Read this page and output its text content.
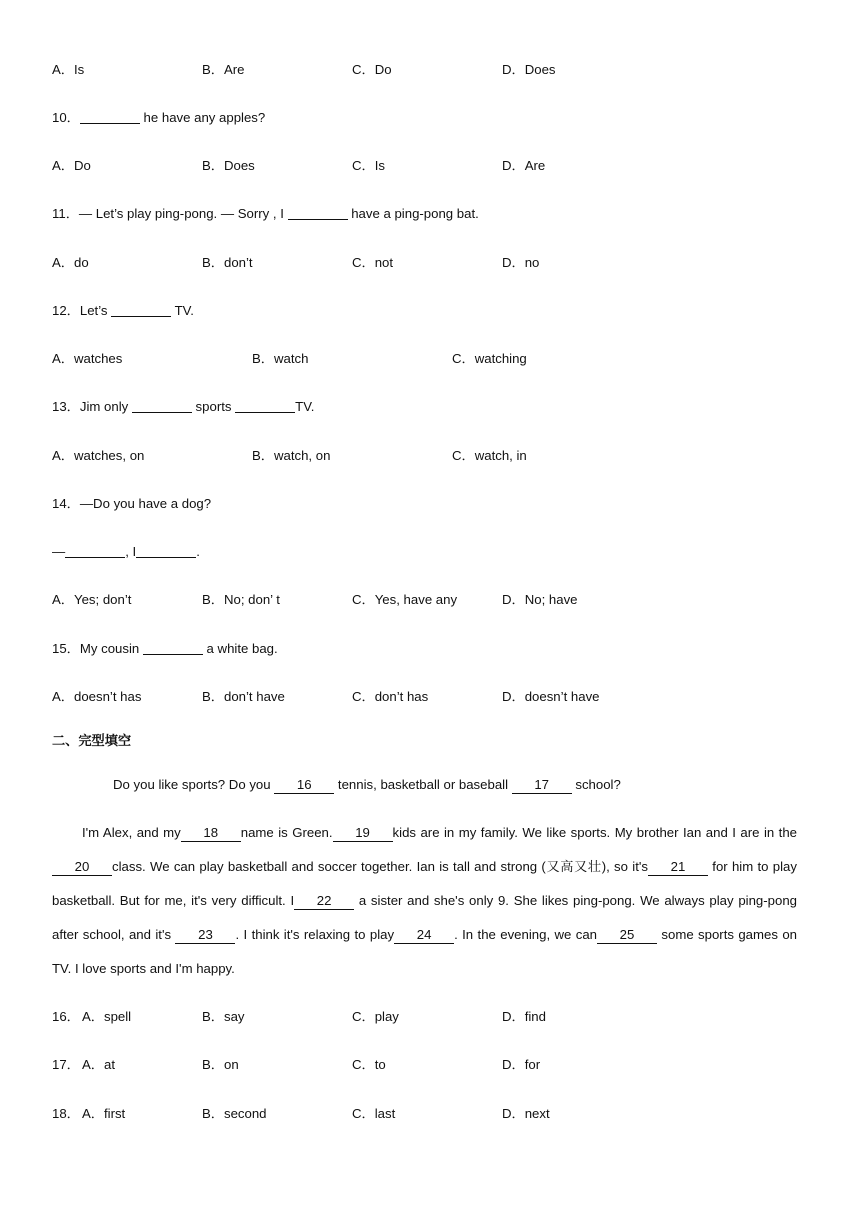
A．Is	B．Are	C．Do	D．Does
10．	he have any apples?
A．Do	B．Does	C．Is	D．Are
11．— Let’s play ping-pong. — Sorry , I	have a ping-pong bat.
A．do	B．don’t	C．not	D．no
12．Let’s	TV.
A．watches	B．watch	C．watching
13．Jim only	sports	TV.
A．watches, on	B．watch, on	C．watch, in
14．—Do you have a dog?
—	, I	.
A．Yes; don’t	B．No; don’ t	C．Yes, have any	D．No; have
15．My cousin	a white bag.
A．doesn’t has	B．don’t have	C．don’t has	D．doesn’t have
二、完型填空
Do you like sports? Do you 16 tennis, basketball or baseball 17 school?
I'm Alex, and my 18 name is Green. 19 kids are in my family. We like sports. My brother Ian and I are in the20 class. We can play basketball and soccer together. Ian is tall and strong (又高又壮), so it's 21 for him to play basketball. But for me, it's very difficult. I 22 a sister and she's only 9. She likes ping-pong. We always play ping-pong after school, and it's 23 . I think it's relaxing to play 24 . In the evening, we can 25 some sports games on TV. I love sports and I'm happy.
16． A．spell	B．say	C．play	D．find
17． A．at	B．on	C．to	D．for
18． A．first	B．second	C．last	D．next
